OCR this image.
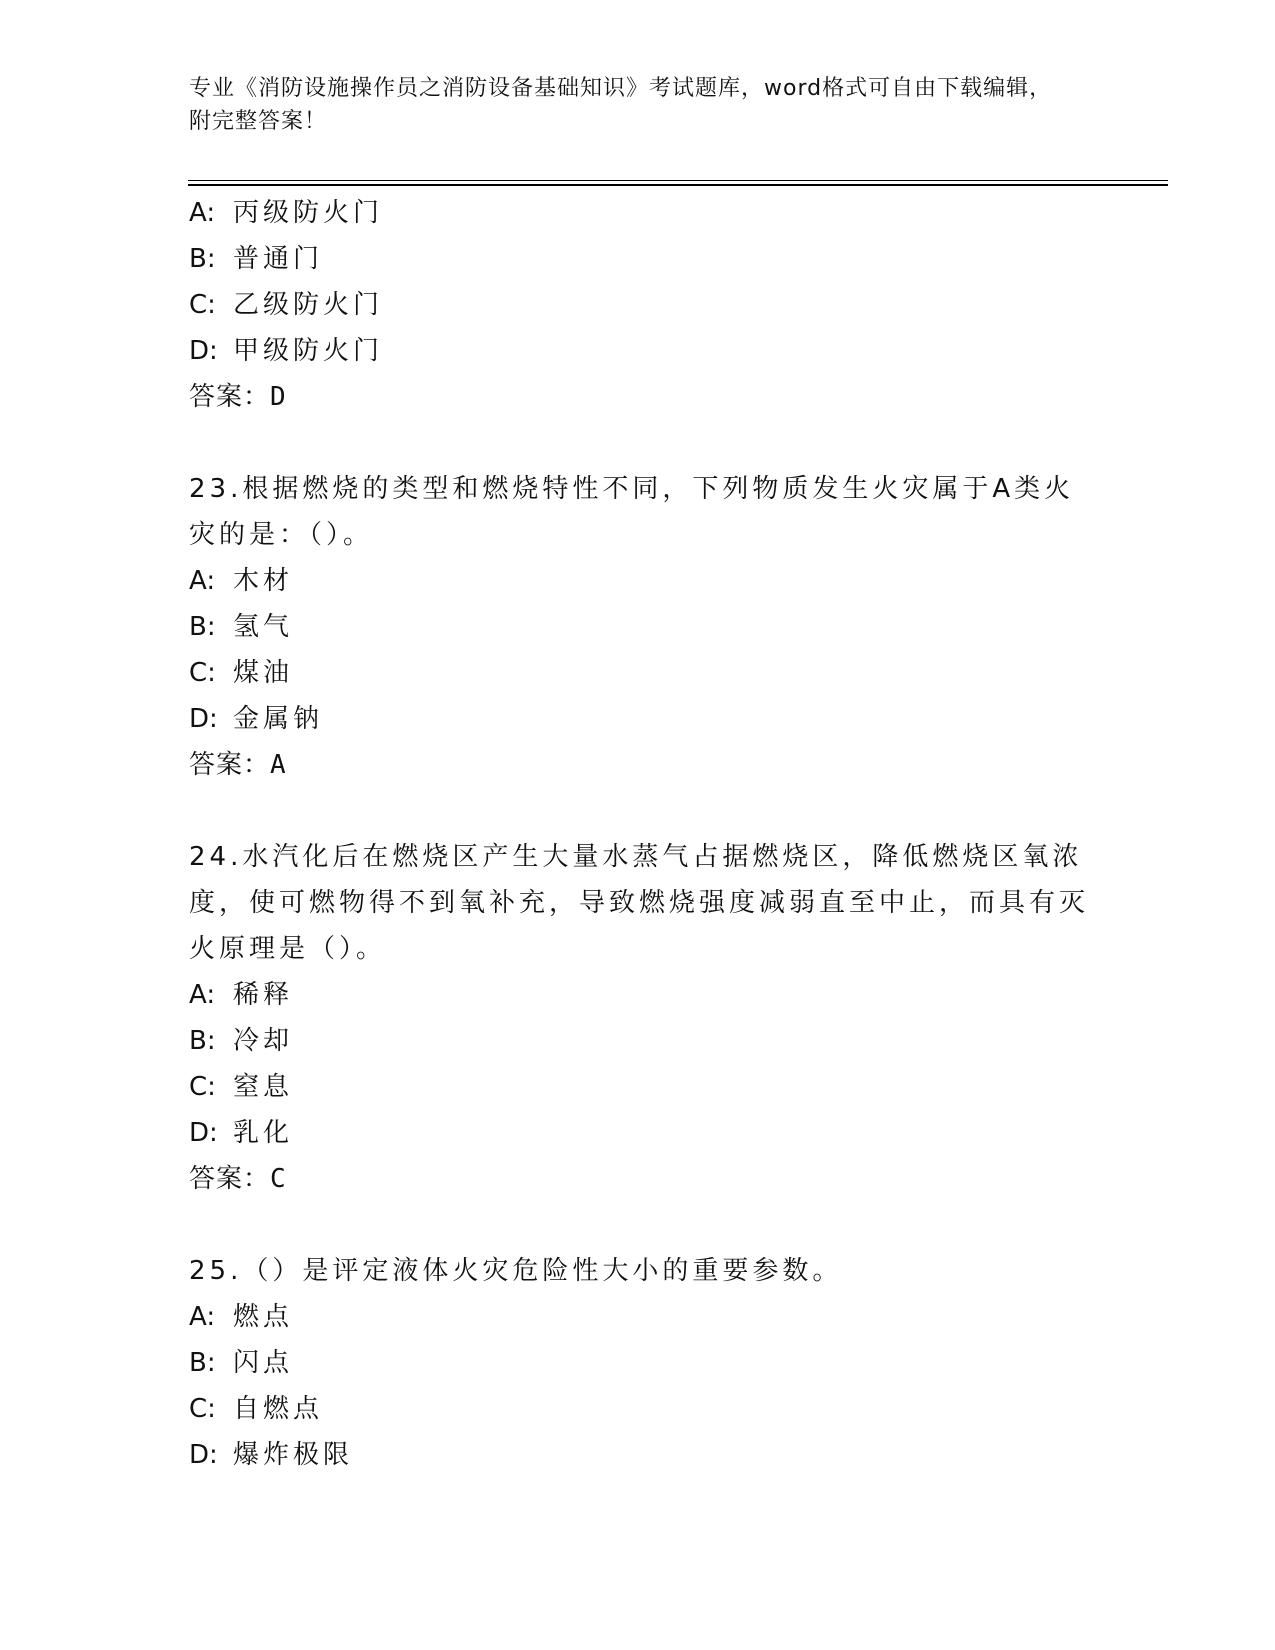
专业《消防设施操作员之消防设备基础知识》考试题库，word格式可自由下载编辑，附完整答案！
A: 丙级防火门
B: 普通门
C: 乙级防火门
D: 甲级防火门
答案：D
23.根据燃烧的类型和燃烧特性不同，下列物质发生火灾属于A类火灾的是：（）。
A: 木材
B: 氢气
C: 煤油
D: 金属钠
答案：A
24.水汽化后在燃烧区产生大量水蒸气占据燃烧区，降低燃烧区氧浓度，使可燃物得不到氧补充，导致燃烧强度减弱直至中止，而具有灭火原理是（）。
A: 稀释
B: 冷却
C: 窒息
D: 乳化
答案：C
25.（）是评定液体火灾危险性大小的重要参数。
A: 燃点
B: 闪点
C: 自燃点
D: 爆炸极限
